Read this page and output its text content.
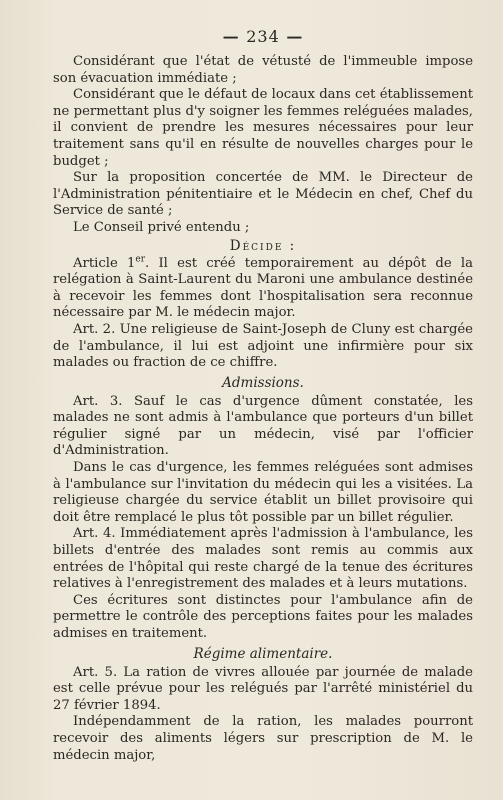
— 234 —

Considérant que l'état de vétusté de l'immeuble impose son évacuation immédiate ;

Considérant que le défaut de locaux dans cet établissement ne permettant plus d'y soigner les femmes reléguées malades, il convient de prendre les mesures nécessaires pour leur traitement sans qu'il en résulte de nouvelles charges pour le budget ;

Sur la proposition concertée de MM. le Directeur de l'Administration pénitentiaire et le Médecin en chef, Chef du Service de santé ;

Le Conseil privé entendu ;

Décide :

Article 1er. Il est créé temporairement au dépôt de la relégation à Saint-Laurent du Maroni une ambulance destinée à recevoir les femmes dont l'hospitalisation sera reconnue nécessaire par M. le médecin major.

Art. 2. Une religieuse de Saint-Joseph de Cluny est chargée de l'ambulance, il lui est adjoint une infirmière pour six malades ou fraction de ce chiffre.

Admissions.

Art. 3. Sauf le cas d'urgence dûment constatée, les malades ne sont admis à l'ambulance que porteurs d'un billet régulier signé par un médecin, visé par l'officier d'Administration.

Dans le cas d'urgence, les femmes reléguées sont admises à l'ambulance sur l'invitation du médecin qui les a visitées. La religieuse chargée du service établit un billet provisoire qui doit être remplacé le plus tôt possible par un billet régulier.

Art. 4. Immédiatement après l'admission à l'ambulance, les billets d'entrée des malades sont remis au commis aux entrées de l'hôpital qui reste chargé de la tenue des écritures relatives à l'enregistrement des malades et à leurs mutations.

Ces écritures sont distinctes pour l'ambulance afin de permettre le contrôle des perceptions faites pour les malades admises en traitement.

Régime alimentaire.

Art. 5. La ration de vivres allouée par journée de malade est celle prévue pour les relégués par l'arrêté ministériel du 27 février 1894.

Indépendamment de la ration, les malades pourront recevoir des aliments légers sur prescription de M. le médecin major,
